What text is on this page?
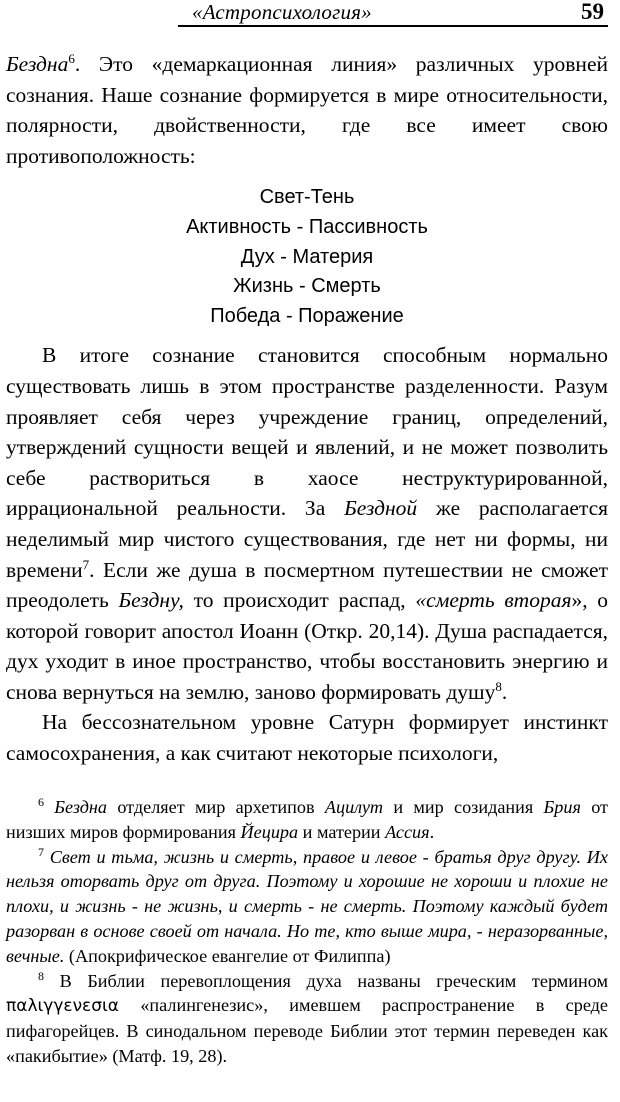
«Астропсихология»	59

Бездна$^6$. Это «демаркационная линия» различных уровней сознания. Наше сознание формируется в мире относительности, полярности, двойственности, где все имеет свою противоположность:

Свет-Тень
Активность - Пассивность
Дух - Материя
Жизнь - Смерть
Победа - Поражение

В итоге сознание становится способным нормально существовать лишь в этом пространстве разделенности. Разум проявляет себя через учреждение границ, определений, утверждений сущности вещей и явлений, и не может позволить себе раствориться в хаосе неструктурированной, иррациональной реальности. За Бездной же располагается неделимый мир чистого существования, где нет ни формы, ни времени$^7$. Если же душа в посмертном путешествии не сможет преодолеть Бездну, то происходит распад, «смерть вторая», о которой говорит апостол Иоанн (Откр. 20,14). Душа распадается, дух уходит в иное пространство, чтобы восстановить энергию и снова вернуться на землю, заново формировать душу$^8$.

На бессознательном уровне Сатурн формирует инстинкт самосохранения, а как считают некоторые психологи,

$^6$ Бездна отделяет мир архетипов Ацилут и мир созидания Брия от низших миров формирования Йецира и материи Ассия.

$^7$ Свет и тьма, жизнь и смерть, правое и левое - братья друг другу. Их нельзя оторвать друг от друга. Поэтому и хорошие не хороши и плохие не плохи, и жизнь - не жизнь, и смерть - не смерть. Поэтому каждый будет разорван в основе своей от начала. Но те, кто выше мира, - неразорванные, вечные. (Апокрифическое евангелие от Филиппа)

$^8$ В Библии перевоплощения духа названы греческим термином παλιγγενεσια «палингенезис», имевшем распространение в среде пифагорейцев. В синодальном переводе Библии этот термин переведен как «пакибытие» (Матф. 19, 28).
